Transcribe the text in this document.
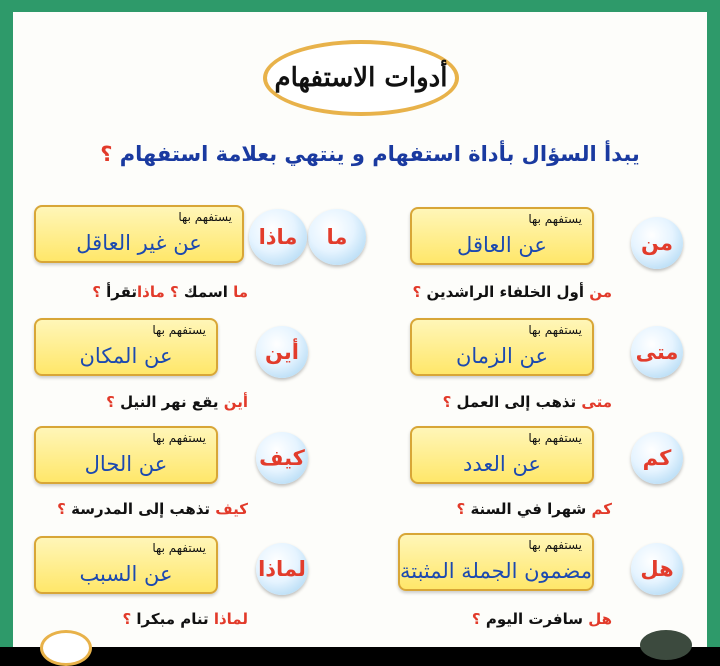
أدوات الاستفهام
يبدأ السؤال بأداة استفهام و ينتهي بعلامة استفهام ؟
من
يستفهم بها
عن العاقل
من أول الخلفاء الراشدين ؟
متى
يستفهم بها
عن الزمان
متى تذهب إلى العمل ؟
كم
يستفهم بها
عن العدد
كم شهرا في السنة ؟
هل
يستفهم بها
مضمون الجملة المثبتة
هل سافرت اليوم ؟
ما
ماذا
يستفهم بها
عن غير العاقل
ما اسمك ؟ ماذاتقرأ ؟
أين
يستفهم بها
عن المكان
أين يقع نهر النيل ؟
كيف
يستفهم بها
عن الحال
كيف تذهب إلى المدرسة ؟
لماذا
يستفهم بها
عن السبب
لماذا تنام مبكرا ؟
